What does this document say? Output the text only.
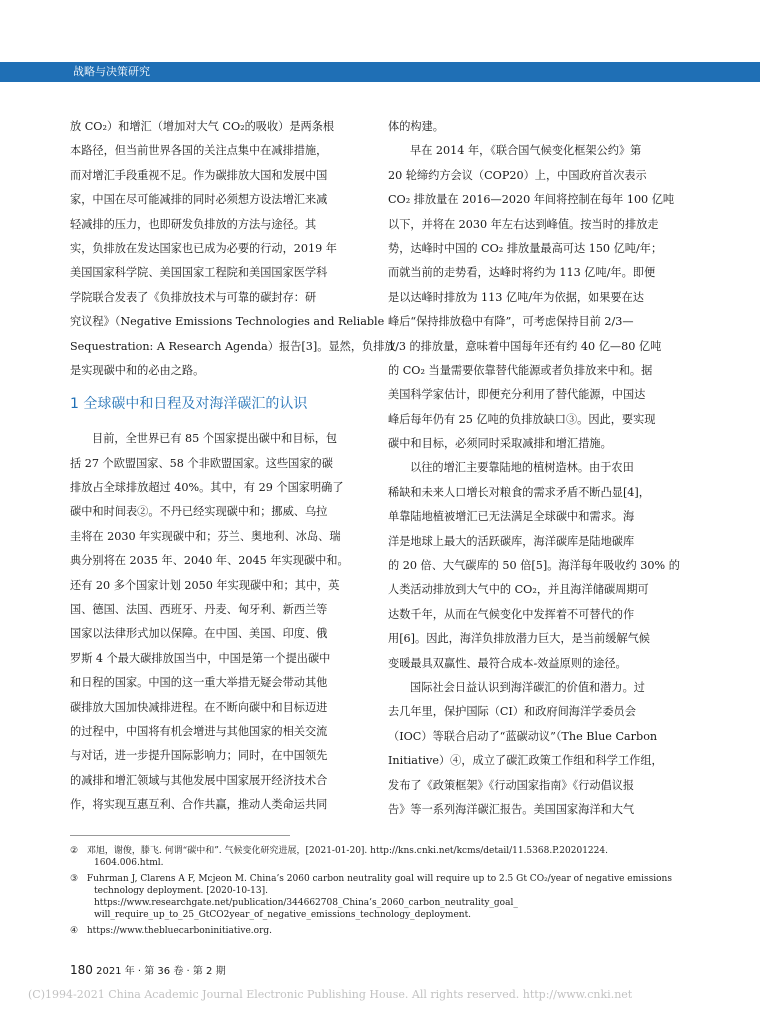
战略与决策研究
放 CO₂）和增汇（增加对大气 CO₂的吸收）是两条根
本路径，但当前世界各国的关注点集中在减排措施，
而对增汇手段重视不足。作为碳排放大国和发展中国
家，中国在尽可能减排的同时必须想方设法增汇来减
轻减排的压力，也即研发负排放的方法与途径。其
实，负排放在发达国家也已成为必要的行动，2019 年
美国国家科学院、美国国家工程院和美国国家医学科
学院联合发表了《负排放技术与可靠的碳封存：研
究议程》（Negative Emissions Technologies and Reliable
Sequestration: A Research Agenda）报告[3]。显然，负排放
是实现碳中和的必由之路。
1 全球碳中和日程及对海洋碳汇的认识
目前，全世界已有 85 个国家提出碳中和目标，包
括 27 个欧盟国家、58 个非欧盟国家。这些国家的碳
排放占全球排放超过 40%。其中，有 29 个国家明确了
碳中和时间表②。不丹已经实现碳中和；挪威、乌拉
圭将在 2030 年实现碳中和；芬兰、奥地利、冰岛、瑞
典分别将在 2035 年、2040 年、2045 年实现碳中和。
还有 20 多个国家计划 2050 年实现碳中和；其中，英
国、德国、法国、西班牙、丹麦、匈牙利、新西兰等
国家以法律形式加以保障。在中国、美国、印度、俄
罗斯 4 个最大碳排放国当中，中国是第一个提出碳中
和日程的国家。中国的这一重大举措无疑会带动其他
碳排放大国加快减排进程。在不断向碳中和目标迈进
的过程中，中国将有机会增进与其他国家的相关交流
与对话，进一步提升国际影响力；同时，在中国领先
的减排和增汇领域与其他发展中国家展开经济技术合
作，将实现互惠互利、合作共赢，推动人类命运共同
体的构建。
早在 2014 年，《联合国气候变化框架公约》第
20 轮缔约方会议（COP20）上，中国政府首次表示
CO₂ 排放量在 2016—2020 年间将控制在每年 100 亿吨
以下，并将在 2030 年左右达到峰值。按当时的排放走
势，达峰时中国的 CO₂ 排放量最高可达 150 亿吨/年；
而就当前的走势看，达峰时将约为 113 亿吨/年。即便
是以达峰时排放为 113 亿吨/年为依据，如果要在达
峰后“保持排放稳中有降”，可考虑保持目前 2/3—
1/3 的排放量，意味着中国每年还有约 40 亿—80 亿吨
的 CO₂ 当量需要依靠替代能源或者负排放来中和。据
美国科学家估计，即便充分利用了替代能源，中国达
峰后每年仍有 25 亿吨的负排放缺口③。因此，要实现
碳中和目标，必须同时采取减排和增汇措施。
以往的增汇主要靠陆地的植树造林。由于农田
稀缺和未来人口增长对粮食的需求矛盾不断凸显[4]，
单靠陆地植被增汇已无法满足全球碳中和需求。海
洋是地球上最大的活跃碳库，海洋碳库是陆地碳库
的 20 倍、大气碳库的 50 倍[5]。海洋每年吸收约 30% 的
人类活动排放到大气中的 CO₂，并且海洋储碳周期可
达数千年，从而在气候变化中发挥着不可替代的作
用[6]。因此，海洋负排放潜力巨大，是当前缓解气候
变暖最具双赢性、最符合成本-效益原则的途径。
国际社会日益认识到海洋碳汇的价值和潜力。过
去几年里，保护国际（CI）和政府间海洋学委员会
（IOC）等联合启动了“蓝碳动议”（The Blue Carbon
Initiative）④，成立了碳汇政策工作组和科学工作组，
发布了《政策框架》《行动国家指南》《行动倡议报
告》等一系列海洋碳汇报告。美国国家海洋和大气
② 邓旭，谢俊，滕飞. 何谓“碳中和”. 气候变化研究进展，[2021-01-20]. http://kns.cnki.net/kcms/detail/11.5368.P.20201224.
1604.006.html.
③ Fuhrman J, Clarens A F, Mcjeon M. China’s 2060 carbon neutrality goal will require up to 2.5 Gt CO₂/year of negative emissions
technology deployment. [2020-10-13]. https://www.researchgate.net/publication/344662708_China’s_2060_carbon_neutrality_goal_
will_require_up_to_25_GtCO2year_of_negative_emissions_technology_deployment.
④ https://www.thebluecarboninitiative.org.
180 2021 年 · 第 36 卷 · 第 2 期
(C)1994-2021 China Academic Journal Electronic Publishing House. All rights reserved. http://www.cnki.net
